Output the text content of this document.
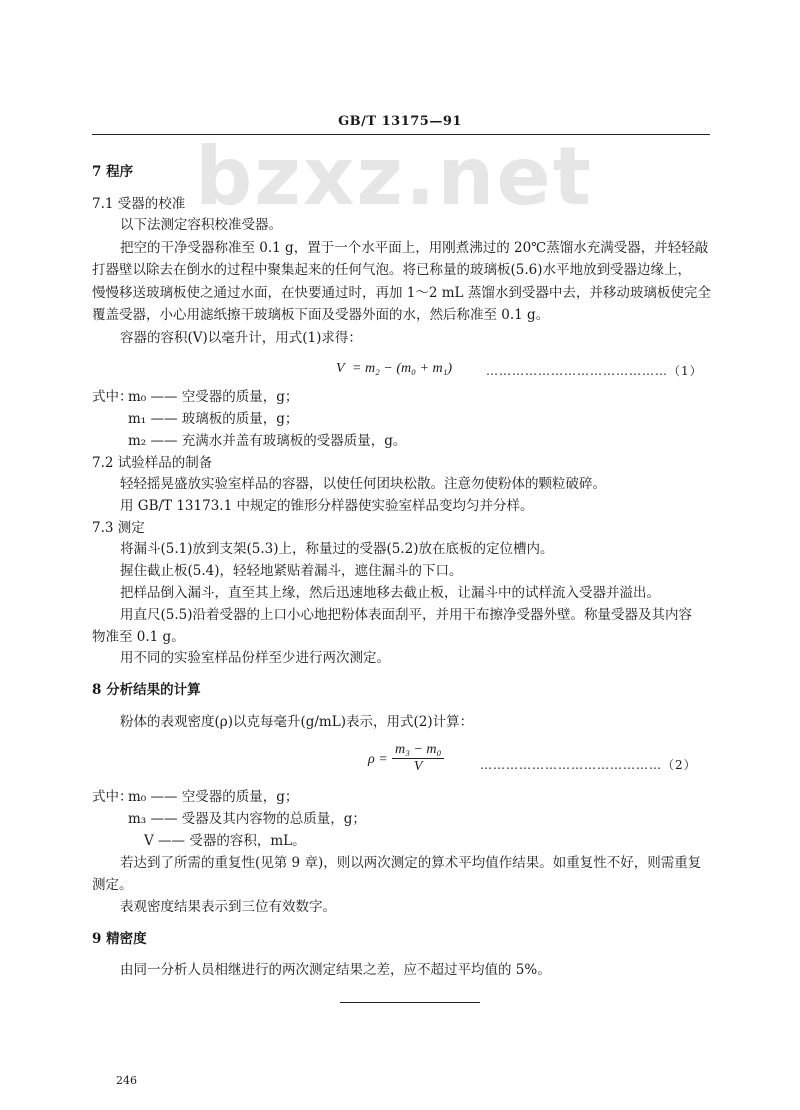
GB/T 13175—91
bzxz.net
7 程序
7.1 受器的校准
以下法测定容积校准受器。
把空的干净受器称准至 0.1 g，置于一个水平面上，用刚煮沸过的 20℃蒸馏水充满受器，并轻轻敲
打器壁以除去在倒水的过程中聚集起来的任何气泡。将已称量的玻璃板(5.6)水平地放到受器边缘上，
慢慢移送玻璃板使之通过水面，在快要通过时，再加 1～2 mL 蒸馏水到受器中去，并移动玻璃板使完全
覆盖受器，小心用滤纸擦干玻璃板下面及受器外面的水，然后称准至 0.1 g。
容器的容积(V)以毫升计，用式(1)求得：
V = m₂ − (m₀ + m₁)	……………………………………（1）
式中：
m₀ —— 空受器的质量，g；
m₁ —— 玻璃板的质量，g；
m₂ —— 充满水并盖有玻璃板的受器质量，g。
7.2 试验样品的制备
轻轻摇晃盛放实验室样品的容器，以使任何团块松散。注意勿使粉体的颗粒破碎。
用 GB/T 13173.1 中规定的锥形分样器使实验室样品变均匀并分样。
7.3 测定
将漏斗(5.1)放到支架(5.3)上，称量过的受器(5.2)放在底板的定位槽内。
握住截止板(5.4)，轻轻地紧贴着漏斗，遮住漏斗的下口。
把样品倒入漏斗，直至其上缘，然后迅速地移去截止板，让漏斗中的试样流入受器并溢出。
用直尺(5.5)沿着受器的上口小心地把粉体表面刮平，并用干布擦净受器外壁。称量受器及其内容
物准至 0.1 g。
用不同的实验室样品份样至少进行两次测定。
8 分析结果的计算
粉体的表观密度(ρ)以克每毫升(g/mL)表示，用式(2)计算：
$\rho = \frac{\text{m₃ − m₀}}{V}$	……………………………………（2）
式中：
m₀ —— 空受器的质量，g；
m₃ —— 受器及其内容物的总质量，g；
V —— 受器的容积，mL。
若达到了所需的重复性(见第 9 章)，则以两次测定的算术平均值作结果。如重复性不好，则需重复
测定。
表观密度结果表示到三位有效数字。
9 精密度
由同一分析人员相继进行的两次测定结果之差，应不超过平均值的 5%。
246
